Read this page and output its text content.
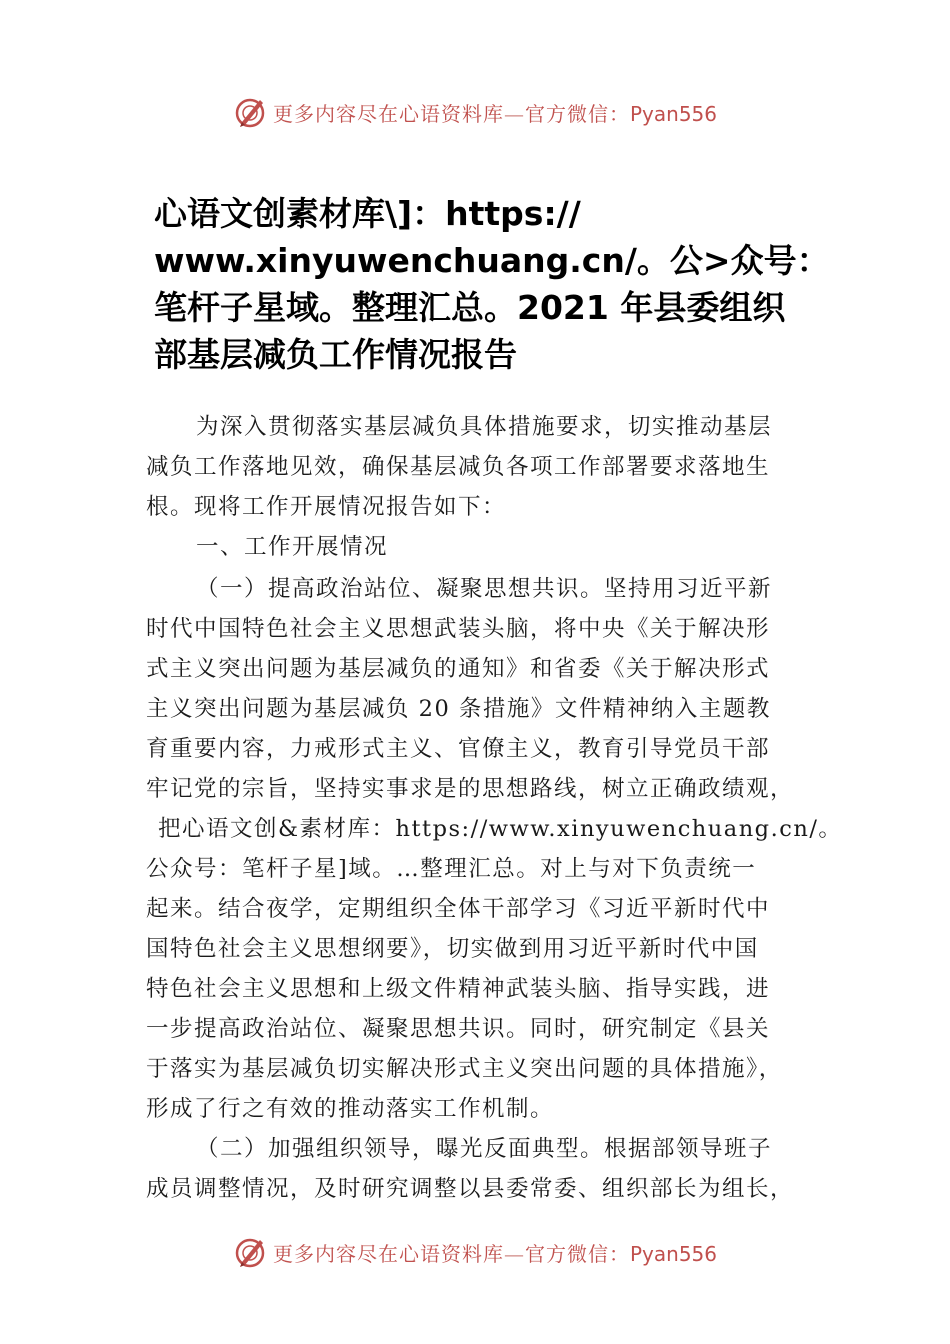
更多内容尽在心语资料库—官方微信：Pyan556
心语文创素材库\]：https://
www.xinyuwenchuang.cn/。公>众号：
笔杆子星域。整理汇总。2021 年县委组织
部基层减负工作情况报告
为深入贯彻落实基层减负具体措施要求，切实推动基层
减负工作落地见效，确保基层减负各项工作部署要求落地生
根。现将工作开展情况报告如下：
一、工作开展情况
（一）提高政治站位、凝聚思想共识。坚持用习近平新
时代中国特色社会主义思想武装头脑，将中央《关于解决形
式主义突出问题为基层减负的通知》和省委《关于解决形式
主义突出问题为基层减负 20 条措施》文件精神纳入主题教
育重要内容，力戒形式主义、官僚主义，教育引导党员干部
牢记党的宗旨，坚持实事求是的思想路线，树立正确政绩观，
把心语文创&素材库：https://www.xinyuwenchuang.cn/。
公众号：笔杆子星]域。…整理汇总。对上与对下负责统一
起来。结合夜学，定期组织全体干部学习《习近平新时代中
国特色社会主义思想纲要》，切实做到用习近平新时代中国
特色社会主义思想和上级文件精神武装头脑、指导实践，进
一步提高政治站位、凝聚思想共识。同时，研究制定《县关
于落实为基层减负切实解决形式主义突出问题的具体措施》，
形成了行之有效的推动落实工作机制。
（二）加强组织领导，曝光反面典型。根据部领导班子
成员调整情况，及时研究调整以县委常委、组织部长为组长，
更多内容尽在心语资料库—官方微信：Pyan556
